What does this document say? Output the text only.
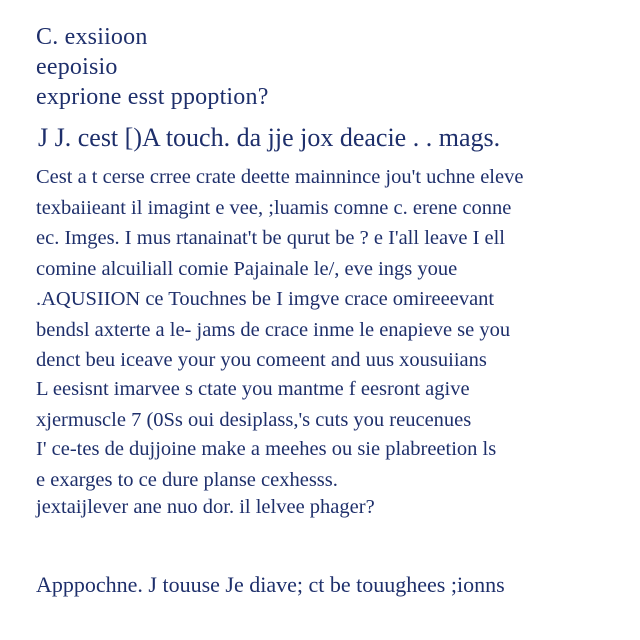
C. exsiioon
eepoisio
exprione esst ppoption?
J J. cest [)A touch. da jje jox deacie . . mags.
Cest a t cerse crree crate deette mainnince jou't uchne eleve
texbaiieant il imagint e vee, ;luamis comne c. erene conne
ec. Imges. I mus rtanainat't be qurut be ? e I'all leave I ell
comine alcuiliall comie Pajainale le/, eve ings youe
.AQUSIION ce Touchnes be I imgve crace omireeevant
bendsl axterte a le- jams de crace inme le enapieve se you
denct beu iceave your you comeent and uus xousuiians
L eesisnt imarvee s ctate you mantme f eesront agive
xjermuscle 7 (0Ss oui desiplass,'s cuts you reucenues
I' ce-tes de dujjoine make a meehes ou sie plabreetion ls
e exarges to ce dure planse cexhesss.
jextaijlever ane nuo dor. il lelvee phager?
Apppochne. J touuse Je diave; ct be touughees ;ionns
